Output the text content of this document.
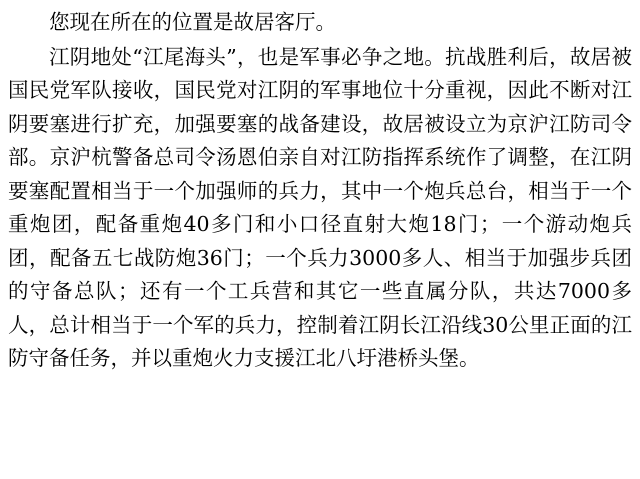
您现在所在的位置是故居客厅。

江阴地处“江尾海头”，也是军事必争之地。抗战胜利后，故居被国民党军队接收，国民党对江阴的军事地位十分重视，因此不断对江阴要塞进行扩充，加强要塞的战备建设，故居被设立为京沪江防司令部。京沪杭警备总司令汤恩伯亲自对江防指挥系统作了调整，在江阴要塞配置相当于一个加强师的兵力，其中一个炮兵总台，相当于一个重炮团，配备重炮40多门和小口径直射大炮18门；一个游动炮兵团，配备五七战防炮36门；一个兵力3000多人、相当于加强步兵团的守备总队；还有一个工兵营和其它一些直属分队，共达7000多人，总计相当于一个军的兵力，控制着江阴长江沿线30公里正面的江防守备任务，并以重炮火力支援江北八圩港桥头堡。
